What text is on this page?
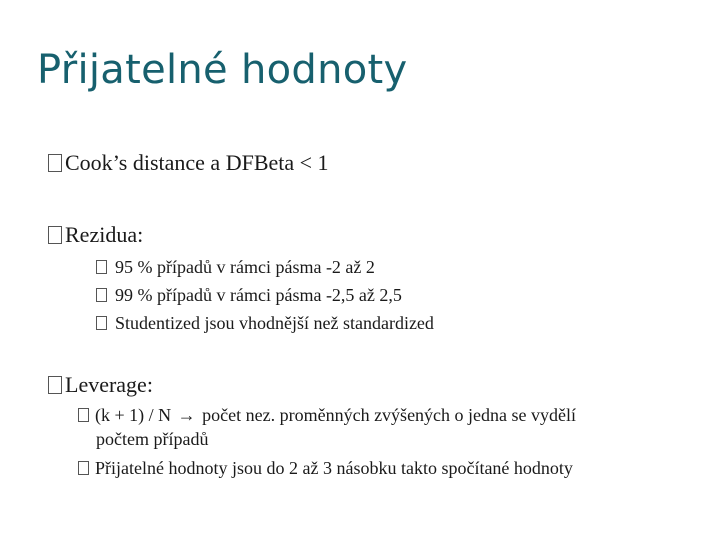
Přijatelné hodnoty
Cook’s distance a DFBeta < 1
Rezidua:
95 % případů v rámci pásma -2 až 2
99 % případů v rámci pásma -2,5 až 2,5
Studentized jsou vhodnější než standardized
Leverage:
(k + 1) / N → počet nez. proměnných zvýšených o jedna se vydělí
počtem případů
Přijatelné hodnoty jsou do 2 až 3 násobku takto spočítané hodnoty
